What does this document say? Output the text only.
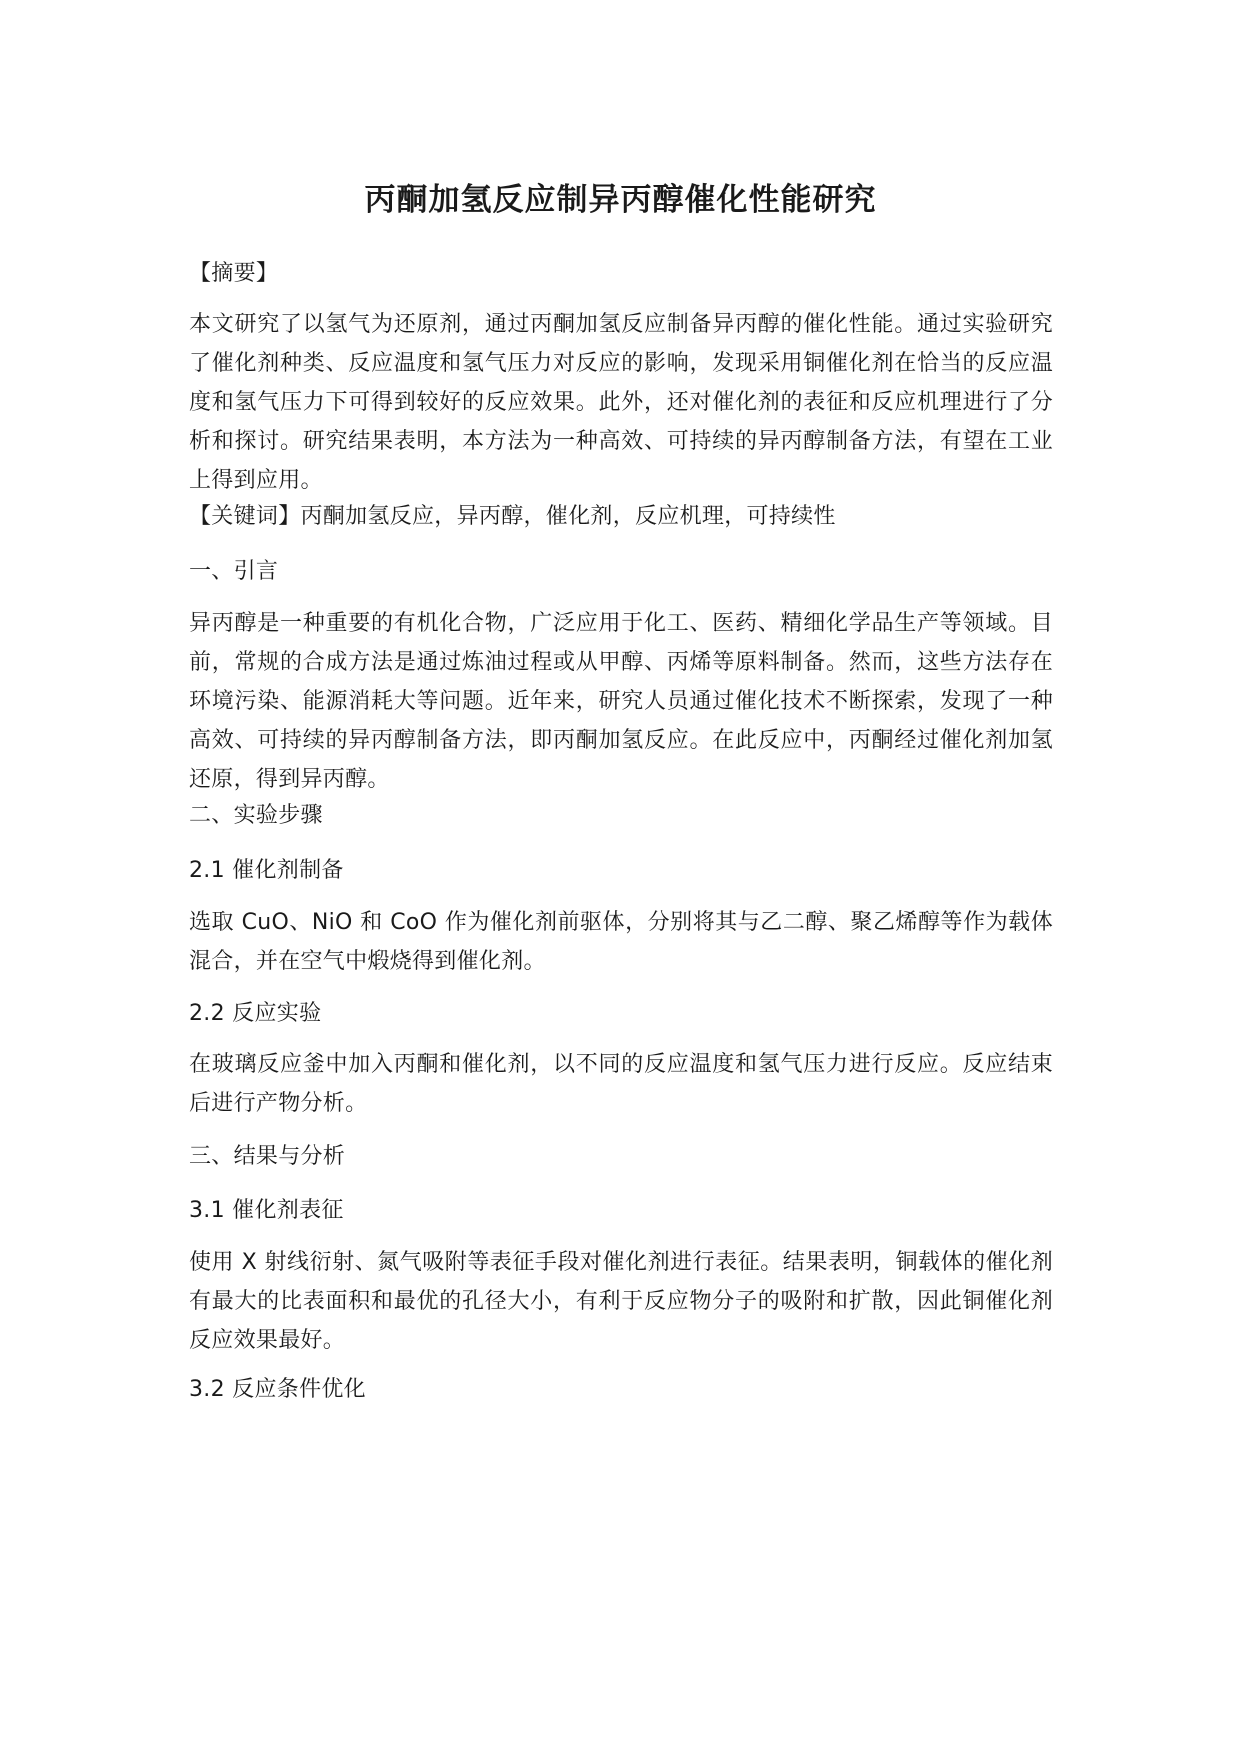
丙酮加氢反应制异丙醇催化性能研究

【摘要】

本文研究了以氢气为还原剂，通过丙酮加氢反应制备异丙醇的催化性能。通过实验研究了催化剂种类、反应温度和氢气压力对反应的影响，发现采用铜催化剂在恰当的反应温度和氢气压力下可得到较好的反应效果。此外，还对催化剂的表征和反应机理进行了分析和探讨。研究结果表明，本方法为一种高效、可持续的异丙醇制备方法，有望在工业上得到应用。

【关键词】丙酮加氢反应，异丙醇，催化剂，反应机理，可持续性

一、引言

异丙醇是一种重要的有机化合物，广泛应用于化工、医药、精细化学品生产等领域。目前，常规的合成方法是通过炼油过程或从甲醇、丙烯等原料制备。然而，这些方法存在环境污染、能源消耗大等问题。近年来，研究人员通过催化技术不断探索，发现了一种高效、可持续的异丙醇制备方法，即丙酮加氢反应。在此反应中，丙酮经过催化剂加氢还原，得到异丙醇。

二、实验步骤

2.1 催化剂制备

选取 CuO、NiO 和 CoO 作为催化剂前驱体，分别将其与乙二醇、聚乙烯醇等作为载体混合，并在空气中煅烧得到催化剂。

2.2 反应实验

在玻璃反应釜中加入丙酮和催化剂，以不同的反应温度和氢气压力进行反应。反应结束后进行产物分析。

三、结果与分析

3.1 催化剂表征

使用 X 射线衍射、氮气吸附等表征手段对催化剂进行表征。结果表明，铜载体的催化剂有最大的比表面积和最优的孔径大小，有利于反应物分子的吸附和扩散，因此铜催化剂反应效果最好。

3.2 反应条件优化
